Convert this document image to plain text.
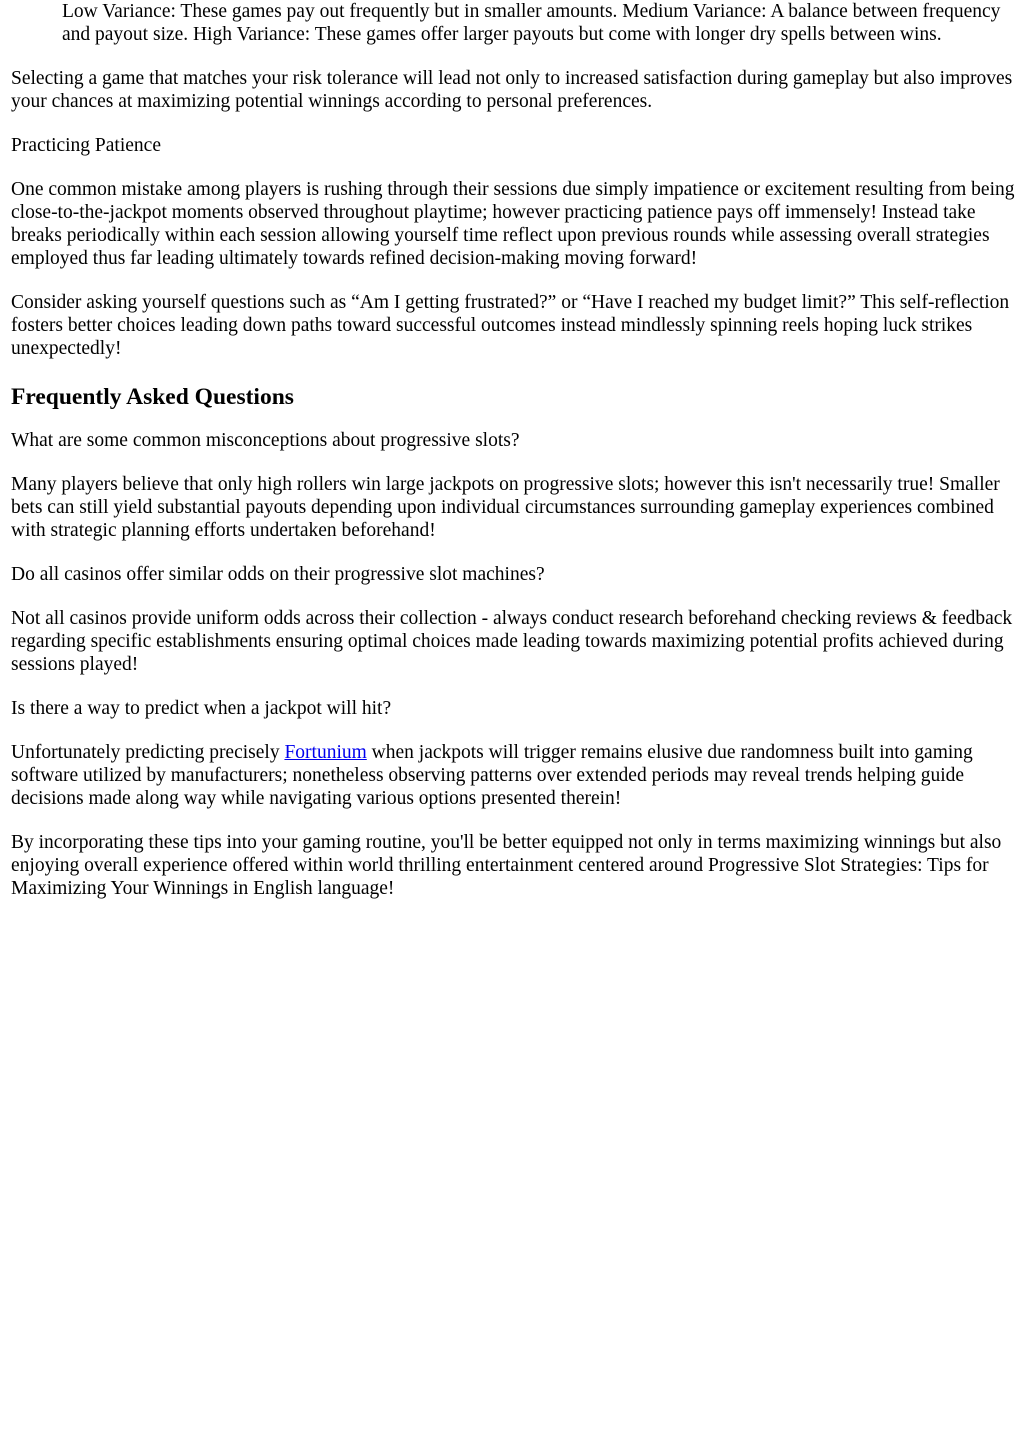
Low Variance: These games pay out frequently but in smaller amounts. Medium Variance: A balance between frequency and payout size. High Variance: These games offer larger payouts but come with longer dry spells between wins.

Selecting a game that matches your risk tolerance will lead not only to increased satisfaction during gameplay but also improves your chances at maximizing potential winnings according to personal preferences.

Practicing Patience

One common mistake among players is rushing through their sessions due simply impatience or excitement resulting from being close-to-the-jackpot moments observed throughout playtime; however practicing patience pays off immensely! Instead take breaks periodically within each session allowing yourself time reflect upon previous rounds while assessing overall strategies employed thus far leading ultimately towards refined decision-making moving forward!

Consider asking yourself questions such as “Am I getting frustrated?” or “Have I reached my budget limit?” This self-reflection fosters better choices leading down paths toward successful outcomes instead mindlessly spinning reels hoping luck strikes unexpectedly!

Frequently Asked Questions

What are some common misconceptions about progressive slots?

Many players believe that only high rollers win large jackpots on progressive slots; however this isn't necessarily true! Smaller bets can still yield substantial payouts depending upon individual circumstances surrounding gameplay experiences combined with strategic planning efforts undertaken beforehand!

Do all casinos offer similar odds on their progressive slot machines?

Not all casinos provide uniform odds across their collection - always conduct research beforehand checking reviews & feedback regarding specific establishments ensuring optimal choices made leading towards maximizing potential profits achieved during sessions played!

Is there a way to predict when a jackpot will hit?

Unfortunately predicting precisely Fortunium when jackpots will trigger remains elusive due randomness built into gaming software utilized by manufacturers; nonetheless observing patterns over extended periods may reveal trends helping guide decisions made along way while navigating various options presented therein!

By incorporating these tips into your gaming routine, you'll be better equipped not only in terms maximizing winnings but also enjoying overall experience offered within world thrilling entertainment centered around Progressive Slot Strategies: Tips for Maximizing Your Winnings in English language!
